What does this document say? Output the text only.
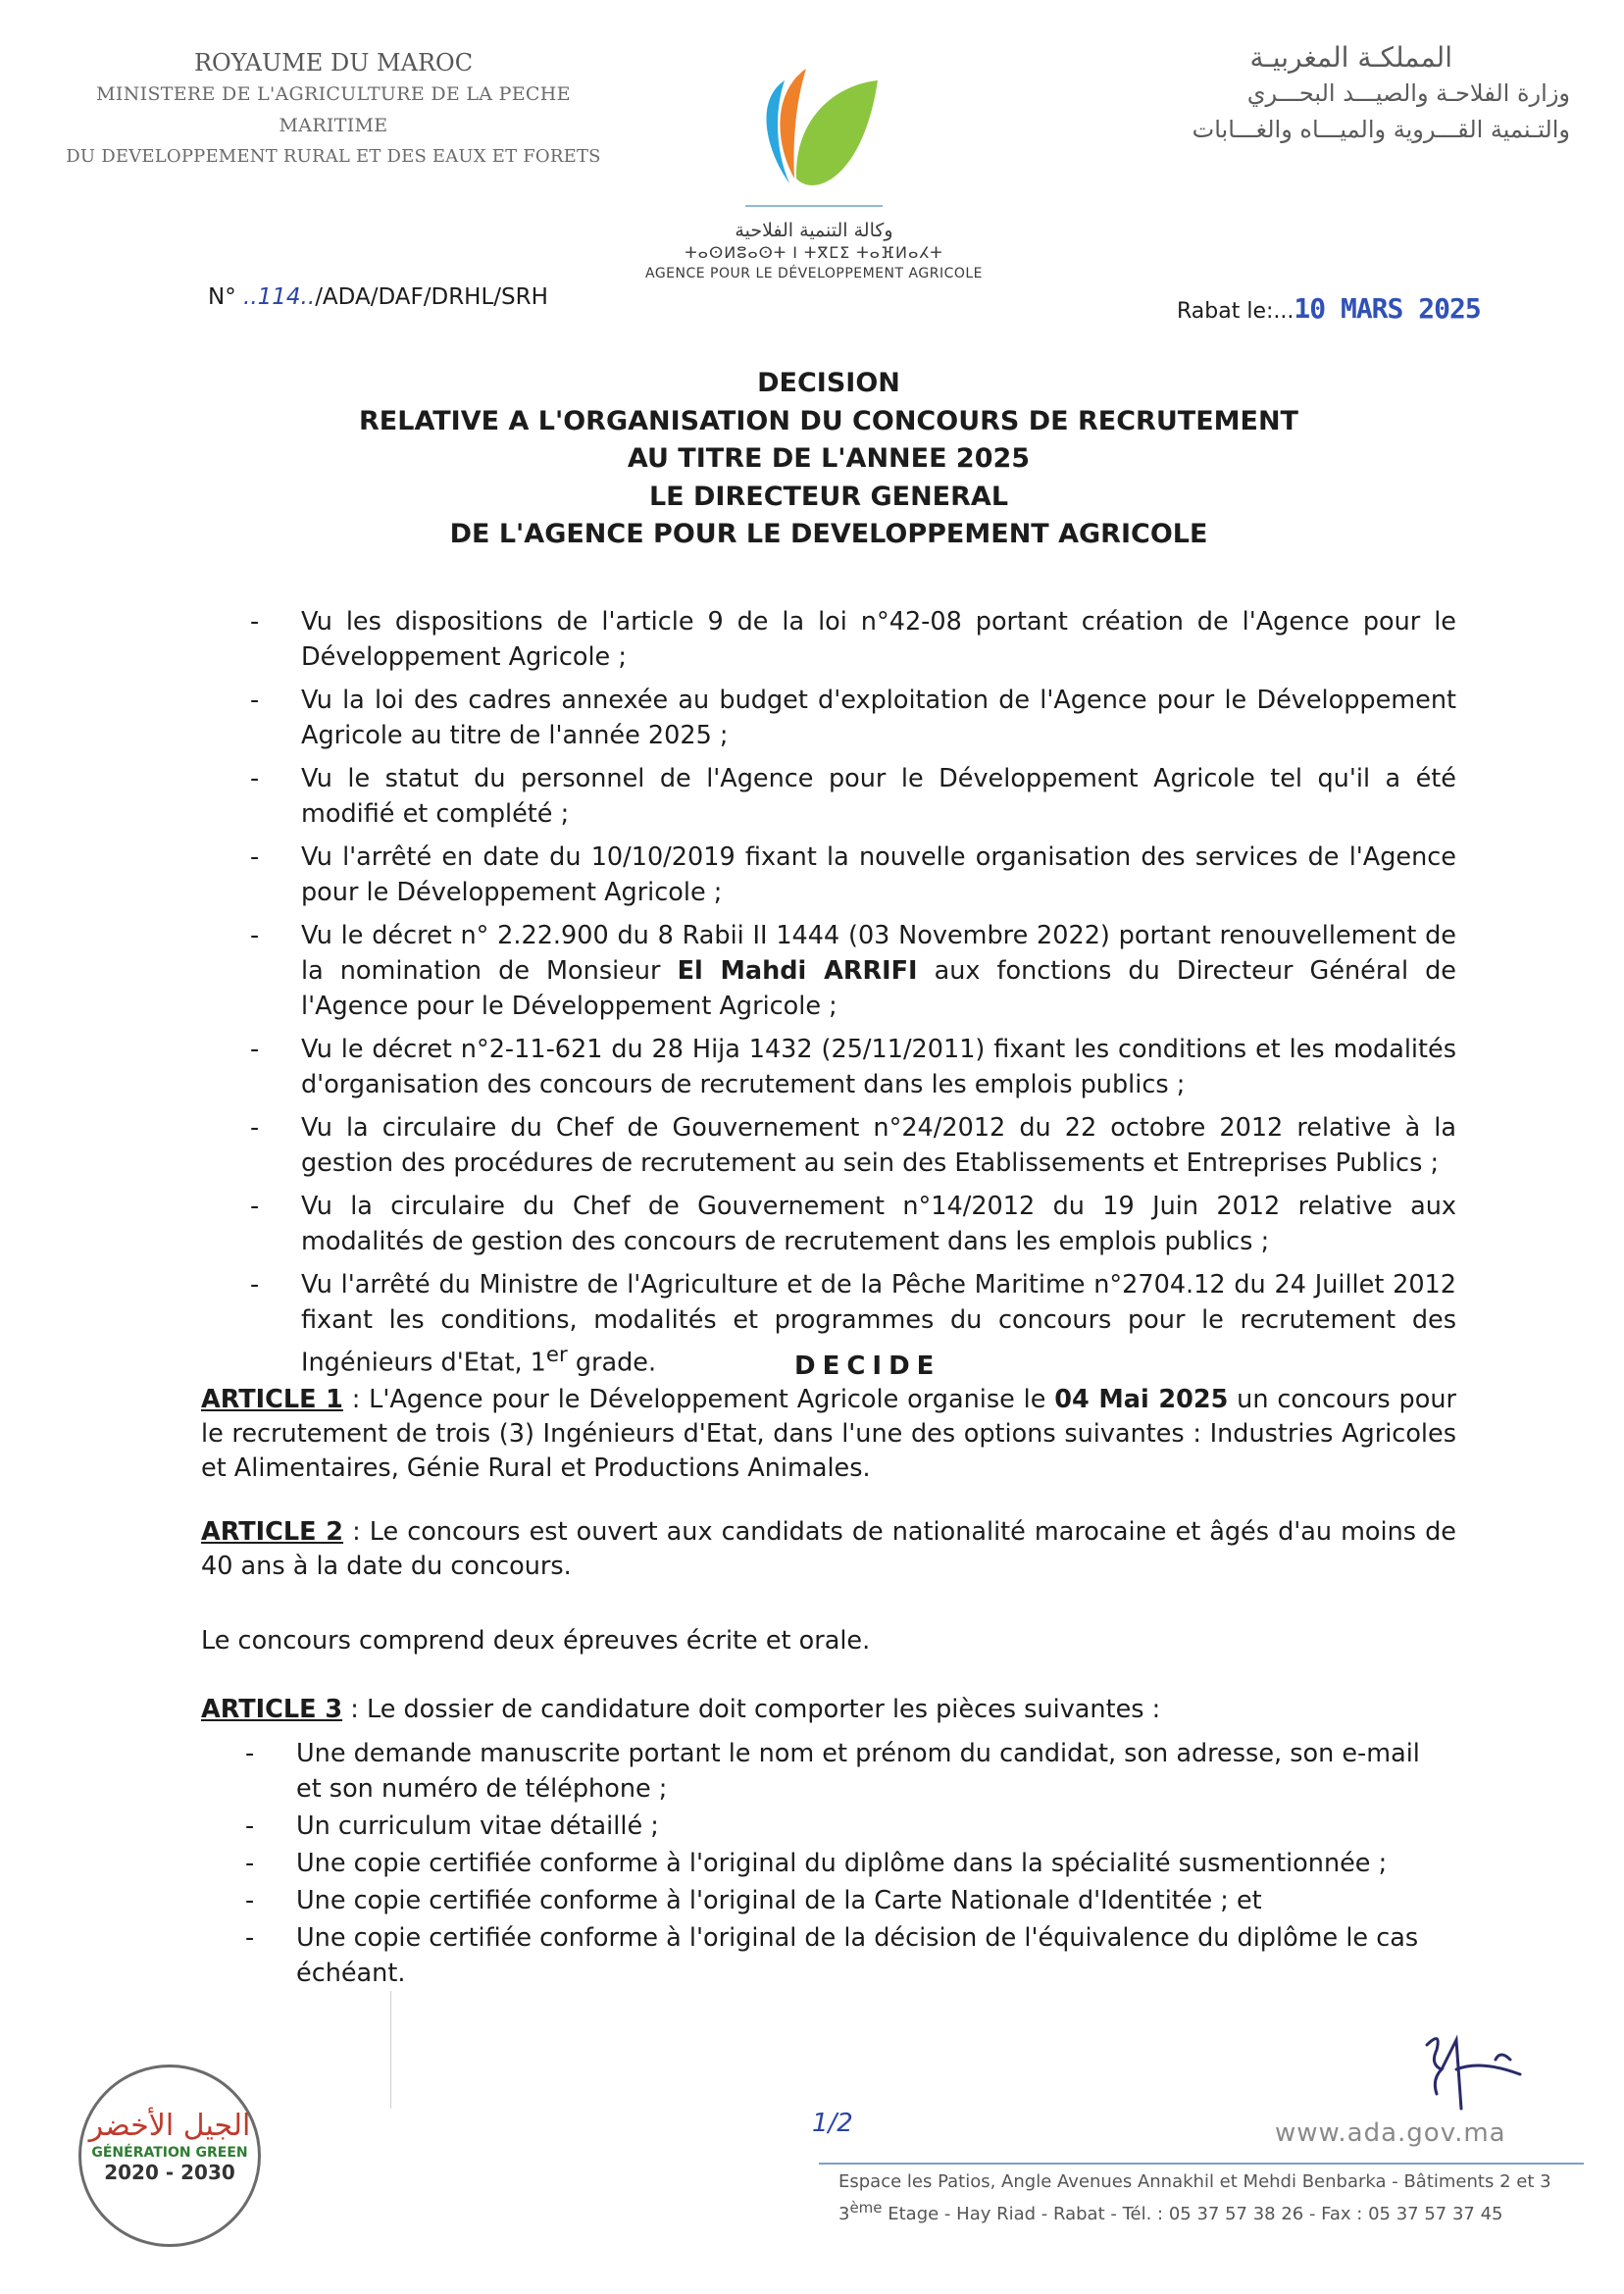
ROYAUME DU MAROC
MINISTERE DE L'AGRICULTURE DE LA PECHE MARITIME
DU DEVELOPPEMENT RURAL ET DES EAUX ET FORETS
المملكـة المغربيـة
وزارة الفلاحـة والصيـــد البحـــري
والتـنمية القـــروية والميـــاه والغـــابات
وكالة التنمية الفلاحية
ⵜⴰⵙⵍⵓⴰⵙⵜ ⵏ ⵜⴳⵎⵉ ⵜⴰⴼⵍⴰⵃⵜ
AGENCE POUR LE DÉVELOPPEMENT AGRICOLE
N° ..114../ADA/DAF/DRHL/SRH
Rabat le:...10 MARS 2025
DECISION
RELATIVE A L'ORGANISATION DU CONCOURS DE RECRUTEMENT
AU TITRE DE L'ANNEE 2025
LE DIRECTEUR GENERAL
DE L'AGENCE POUR LE DEVELOPPEMENT AGRICOLE
- Vu les dispositions de l'article 9 de la loi n°42-08 portant création de l'Agence pour le Développement Agricole ;
- Vu la loi des cadres annexée au budget d'exploitation de l'Agence pour le Développement Agricole au titre de l'année 2025 ;
- Vu le statut du personnel de l'Agence pour le Développement Agricole tel qu'il a été modifié et complété ;
- Vu l'arrêté en date du 10/10/2019 fixant la nouvelle organisation des services de l'Agence pour le Développement Agricole ;
- Vu le décret n° 2.22.900 du 8 Rabii II 1444 (03 Novembre 2022) portant renouvellement de la nomination de Monsieur El Mahdi ARRIFI aux fonctions du Directeur Général de l'Agence pour le Développement Agricole ;
- Vu le décret n°2-11-621 du 28 Hija 1432 (25/11/2011) fixant les conditions et les modalités d'organisation des concours de recrutement dans les emplois publics ;
- Vu la circulaire du Chef de Gouvernement n°24/2012 du 22 octobre 2012 relative à la gestion des procédures de recrutement au sein des Etablissements et Entreprises Publics ;
- Vu la circulaire du Chef de Gouvernement n°14/2012 du 19 Juin 2012 relative aux modalités de gestion des concours de recrutement dans les emplois publics ;
- Vu l'arrêté du Ministre de l'Agriculture et de la Pêche Maritime n°2704.12 du 24 Juillet 2012 fixant les conditions, modalités et programmes du concours pour le recrutement des Ingénieurs d'Etat, 1er grade.	DECIDE
ARTICLE 1 : L'Agence pour le Développement Agricole organise le 04 Mai 2025 un concours pour le recrutement de trois (3) Ingénieurs d'Etat, dans l'une des options suivantes : Industries Agricoles et Alimentaires, Génie Rural et Productions Animales.
ARTICLE 2 : Le concours est ouvert aux candidats de nationalité marocaine et âgés d'au moins de 40 ans à la date du concours.
Le concours comprend deux épreuves écrite et orale.
ARTICLE 3 : Le dossier de candidature doit comporter les pièces suivantes :
- Une demande manuscrite portant le nom et prénom du candidat, son adresse, son e-mail et son numéro de téléphone ;
- Un curriculum vitae détaillé ;
- Une copie certifiée conforme à l'original du diplôme dans la spécialité susmentionnée ;
- Une copie certifiée conforme à l'original de la Carte Nationale d'Identitée ; et
- Une copie certifiée conforme à l'original de la décision de l'équivalence du diplôme le cas échéant.
الجيل الأخضر
GÉNÉRATION GREEN
2020 - 2030
1/2	www.ada.gov.ma
Espace les Patios, Angle Avenues Annakhil et Mehdi Benbarka - Bâtiments 2 et 3
3ème Etage - Hay Riad - Rabat - Tél. : 05 37 57 38 26 - Fax : 05 37 57 37 45
